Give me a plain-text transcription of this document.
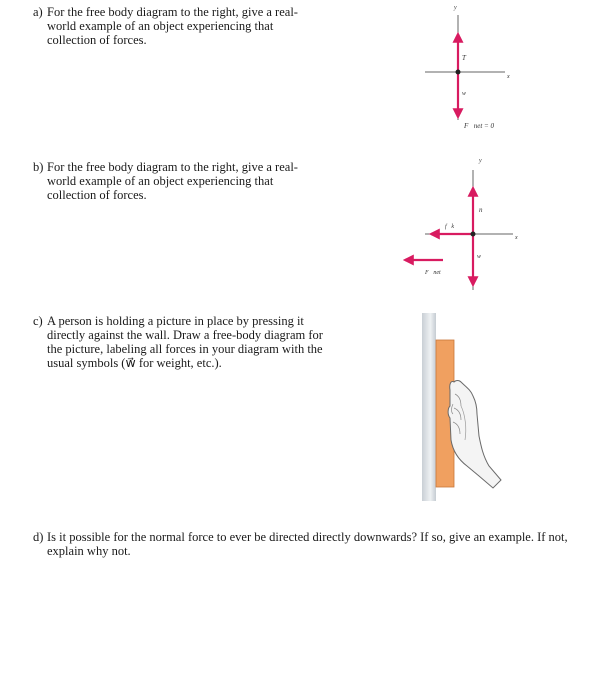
a) For the free body diagram to the right, give a real-world example of an object experiencing that collection of forces.
b) For the free body diagram to the right, give a real-world example of an object experiencing that collection of forces.
c) A person is holding a picture in place by pressing it directly against the wall. Draw a free-body diagram for the picture, labeling all forces in your diagram with the usual symbols (w⃗ for weight, etc.).
d) Is it possible for the normal force to ever be directed directly downwards? If so, give an example. If not, explain why not.
y
x
T⃗
w⃗
F⃗net = 0⃗
y
x
n⃗
w⃗
f⃗k
F⃗net
